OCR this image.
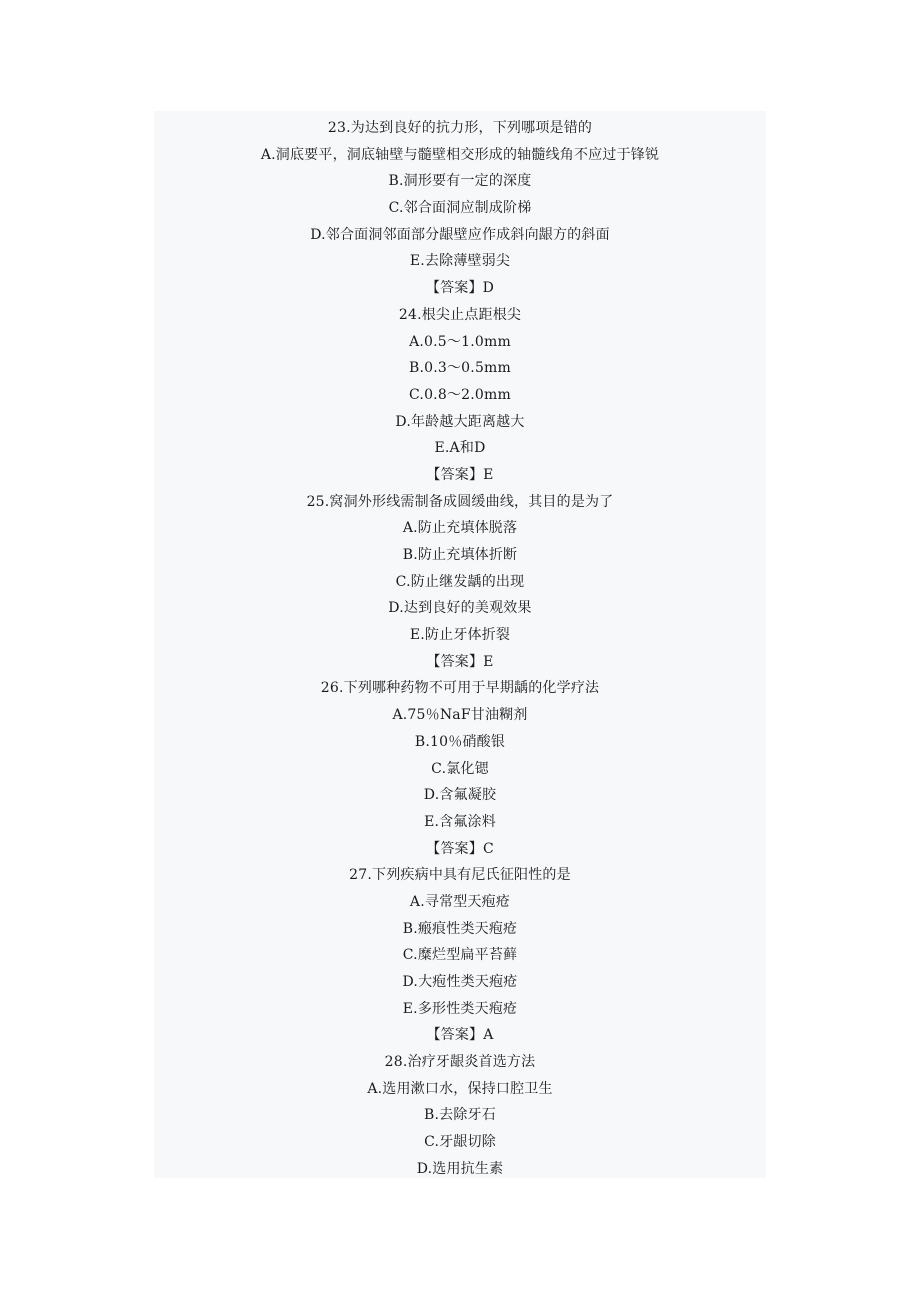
23.为达到良好的抗力形，下列哪项是错的
A.洞底要平，洞底轴壁与髓壁相交形成的轴髓线角不应过于锋锐
B.洞形要有一定的深度
C.邻合面洞应制成阶梯
D.邻合面洞邻面部分龈壁应作成斜向龈方的斜面
E.去除薄壁弱尖
【答案】D
24.根尖止点距根尖
A.0.5～1.0mm
B.0.3～0.5mm
C.0.8～2.0mm
D.年龄越大距离越大
E.A和D
【答案】E
25.窝洞外形线需制备成圆缓曲线，其目的是为了
A.防止充填体脱落
B.防止充填体折断
C.防止继发龋的出现
D.达到良好的美观效果
E.防止牙体折裂
【答案】E
26.下列哪种药物不可用于早期龋的化学疗法
A.75％NaF甘油糊剂
B.10％硝酸银
C.氯化锶
D.含氟凝胶
E.含氟涂料
【答案】C
27.下列疾病中具有尼氏征阳性的是
A.寻常型天疱疮
B.瘢痕性类天疱疮
C.糜烂型扁平苔藓
D.大疱性类天疱疮
E.多形性类天疱疮
【答案】A
28.治疗牙龈炎首选方法
A.选用漱口水，保持口腔卫生
B.去除牙石
C.牙龈切除
D.选用抗生素
